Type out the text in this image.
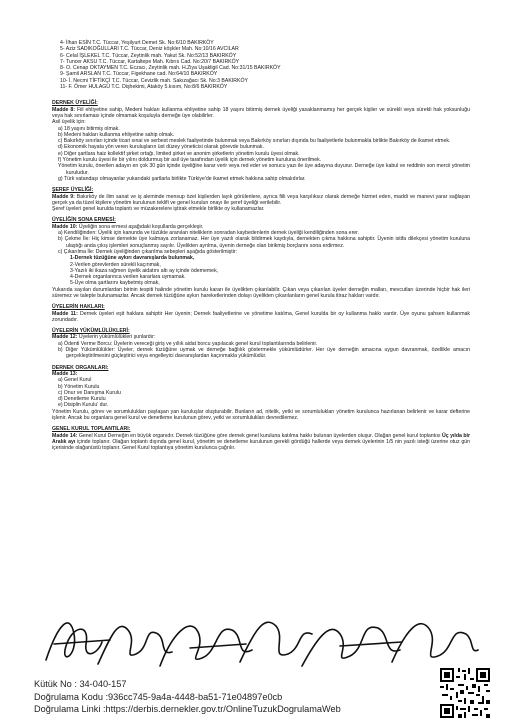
4- İlhan ESİN T.C. Tüccar, Yeşilyurt Demet Sk. No:6/10 BAKIRKÖY
5- Aziz SADIKOĞULLARI T.C. Tüccar, Deniz köşkler Mah. No:10/16 AVCILAR
6- Celal İŞLEKEL T.C. Tüccar, Zeytinlik mah. Yakut Sk. No:52/13 BAKIRKÖY
7- Tuncer AKSU T.C. Tüccar, Kartaltepe Mah. Kıbrıs Cad. No:20/7 BAKIRKÖY
8- O. Cenap OKTAYMEN T.C. Eczacı, Zeytinlik mah. H.Ziya Uşakligil Cad. No:31/15 BAKIRKÖY
9- Şamil ARSLAN T.C. Tüccar, Figekhane cad. No:64/10 BAKIRKÖY
10- İ. Necmi TİFTİKÇİ T.C. Tüccar, Cevizlik mah. Sakızağacı Sk. No:3 BAKIRKÖY
11- F. Ömer HULAGÜ T.C. Dişhekimi, Ataköy 5.kısım, No:8/6 BAKIRKÖY
DERNEK ÜYELİĞİ:
Madde 8: Fiil ehliyetine sahip, Medeni hakları kullanma ehliyetine sahip 18 yaşını bitirmiş dernek üyeliği yasaklanmamış her gerçek kişiler ve sürekli veya sürekli hak yoksunluğu veya hak sınırlaması içinde olmamak koşuluyla derneğe üye olabilirler.
Asil üyelik için:
a) 18 yaşını bitirmiş olmak.
b) Medeni hakları kullanma ehliyetine sahip olmak.
c) Bakırköy sınırları içinde ticari sınai ve serbest meslek faaliyetinde bulunmak veya Bakırköy sınırları dışında bu faaliyetlerle bulunmakla birlikte Bakırköy de ikamet etmek.
d) Ekonomik hayata yön veren kuruluşların üst düzey yöneticisi olarak görevde bulunmak.
e) Diğer şartlara haiz kollektif şirket ortağı, limited şirket ve anonim şirketlerin yönetim kurulu üyesi olmak.
f) Yönetim kurulu üyesi ile bir yılını doldurmuş bir asil üye tarafından üyelik için dernek yönetim kuruluna önerilmek.
Yönetim kurulu, önerilen adayın en çok 30 gün içinde üyeliğine karar verir veya red eder ve sonucu yazı ile üye adayına duyurur. Derneğe üye kabul ve reddinin son mercii yönetim kuruludur.
g) Türk vatandaşı olmayanlar yukarıdaki şartlarla birlikte Türkiye'de ikamet etmek hakkına sahip olmalıdırlar.
ŞEREF ÜYELİĞİ:
Madde 9: Bakırköy de ilim sanat ve iş aleminde mensup özel kişilerden layık görülenlere, ayrıca fiili veya karşılıksız olarak derneğe hizmet eden, maddi ve manevi yarar sağlayan gerçek ya da tüzel kişilere yönetim kurulunun teklifi ve genel kurulun onayı ile şeref üyeliği verilebilir.
Şeref üyeleri genel kurulda toplantı ve müzakerelere iştirak etmekle birlikte oy kullanamazlar.
ÜYELİĞİN SONA ERMESİ:
Madde 10: Üyeliğin sona ermesi aşağıdaki koşullarda gerçekleşir.
a) Kendiliğinden: Üyelik için kanunda ve tüzükte aranılan niteliklerin sonradan kaybedenlerin dernek üyeliği kendiliğinden sona erer.
b) Çekme İle: Hiç kimse dernekte üye kalmaya zorlanamaz. Her üye yazılı olarak bildirmek kaydıyla, dernekten çıkma hakkına sahiptir. Üyenin istifa dilekçesi yönetim kuruluna ulaştığı anda çıkış işlemleri sonuçlanmış sayılır. Üyelikten ayrılma, üyenin derneğe olan birikmiş borçlarını sona erdirmez.
c) Çıkarılma İle: Dernek üyeliğinden çıkarılma sebepleri aşağıda gösterilmiştir:
1-Dernek tüzüğüne aykırı davranışlarda bulunmak,
2-Verilen görevlerden sürekli kaçınmak,
3-Yazılı iki ikaza rağmen üyelik aidatını altı ay içinde ödememek,
4-Dernek organlarınca verilen kararlara uymamak.
5-Üye olma şartlarını kaybetmiş olmak,
Yukarıda sayılan durumlardan birinin tespiti halinde yönetim kurulu kararı ile üyelikten çıkarılabilir. Çıkan veya çıkarılan üyeler derneğin malları, mevcutları üzerinde hiçbir hak ileri süremez ve talepte bulunamazlar. Ancak dernek tüzüğüne aykırı hareketlerinden dolayı üyelikten çıkarılanların genel kurula itiraz hakları vardır.
ÜYELERİN HAKLARI:
Madde 11: Dernek üyeleri eşit haklara sahiptir Her üyenin; Dernek faaliyetlerine ve yönetime katılma, Genel kurulda bir oy kullanma hakkı vardır. Üye oyunu şahsen kullanmak zorundadır.
ÜYELERİN YÜKÜMLÜLÜKLERİ:
Madde 12: Üyelerin yükümlülükleri şunlardır:
a) Ödenti Verme Borcu: Üyelerin vereceği giriş ve yıllık aidat borcu yapılacak genel kurul toplantılarında belirlenir.
b) Diğer Yükümlülükler: Üyeler, dernek tüzüğüne uymak ve derneğe bağlılık göstermekle yükümlüdürler. Her üye derneğin amacına uygun davranmak, özellikle amacın gerçekleştirilmesini güçleştirici veya engelleyici davranışlardan kaçınmakla yükümlüdür.
DERNEK ORGANLARI:
Madde 13:
a) Genel Kurul
b) Yönetim Kurulu
c) Onur ve Danışma Kurulu
d) Denetleme Kurulu
e) Disiplin Kurulu' dur.
Yönetim Kurulu, görev ve sorumlulukları paylaşan yan kuruluşlar oluşturabilir. Bunların ad, nitelik, yetki ve sorumlulukları yönetim kurulunca hazırlanan belirlenir ve karar defterine işlenir. Ancak bu organlara genel kurul ve denetleme kurulunun görev, yetki ve sorumlulukları devredilemez.
GENEL KURUL TOPLANTILARI:
Madde 14: Genel Kurul Derneğin en büyük organıdır. Dernek tüzüğüne göre dernek genel kuruluna katılma hakkı bulunan üyelerden oluşur. Olağan genel kurul toplantısı Üç yılda bir Aralık ayı içinde toplanır. Olağan toplantı dışında genel kurul, yönetim ve denetleme kurulunun gerekli gördüğü hallerde veya dernek üyelerinin 1/5 nin yazılı isteği üzerine otuz gün içerisinde olağanüstü toplanır. Genel Kurul toplantıya yönetim kurulunca çağrılır.
Kütük No : 34-040-157
Doğrulama Kodu :936cc745-9a4a-4448-ba51-71e04897e0cb
Doğrulama Linki :https://derbis.dernekler.gov.tr/OnlineTuzukDogrulamaWeb
